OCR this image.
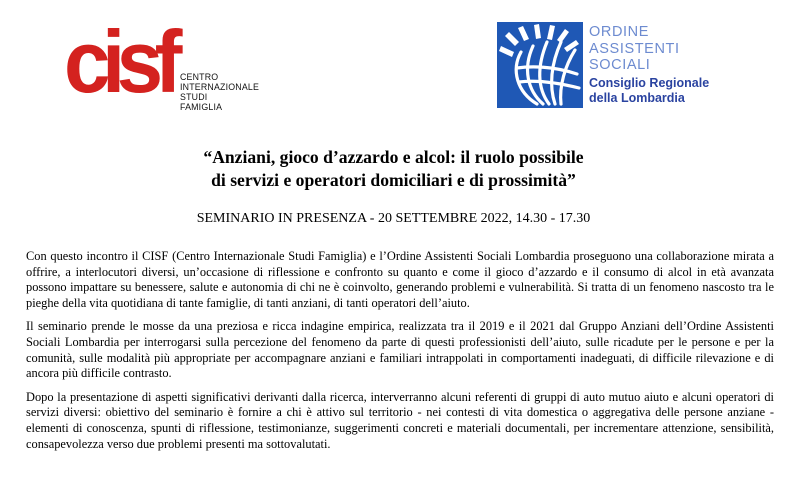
cisf CENTRO
INTERNAZIONALE
STUDI
FAMIGLIA
ORDINE
ASSISTENTI
SOCIALI
Consiglio Regionale
della Lombardia
“Anziani, gioco d’azzardo e alcol: il ruolo possibile
di servizi e operatori domiciliari e di prossimità”
SEMINARIO IN PRESENZA - 20 SETTEMBRE 2022, 14.30 - 17.30

Con questo incontro il CISF (Centro Internazionale Studi Famiglia) e l’Ordine Assistenti Sociali Lombardia proseguono una collaborazione mirata a offrire, a interlocutori diversi, un’occasione di riflessione e confronto su quanto e come il gioco d’azzardo e il consumo di alcol in età avanzata possono impattare su benessere, salute e autonomia di chi ne è coinvolto, generando problemi e vulnerabilità. Si tratta di un fenomeno nascosto tra le pieghe della vita quotidiana di tante famiglie, di tanti anziani, di tanti operatori dell’aiuto.

Il seminario prende le mosse da una preziosa e ricca indagine empirica, realizzata tra il 2019 e il 2021 dal Gruppo Anziani dell’Ordine Assistenti Sociali Lombardia per interrogarsi sulla percezione del fenomeno da parte di questi professionisti dell’aiuto, sulle ricadute per le persone e per la comunità, sulle modalità più appropriate per accompagnare anziani e familiari intrappolati in comportamenti inadeguati, di difficile rilevazione e di ancora più difficile contrasto.

Dopo la presentazione di aspetti significativi derivanti dalla ricerca, interverranno alcuni referenti di gruppi di auto mutuo aiuto e alcuni operatori di servizi diversi: obiettivo del seminario è fornire a chi è attivo sul territorio - nei contesti di vita domestica o aggregativa delle persone anziane - elementi di conoscenza, spunti di riflessione, testimonianze, suggerimenti concreti e materiali documentali, per incrementare attenzione, sensibilità, consapevolezza verso due problemi presenti ma sottovalutati.
